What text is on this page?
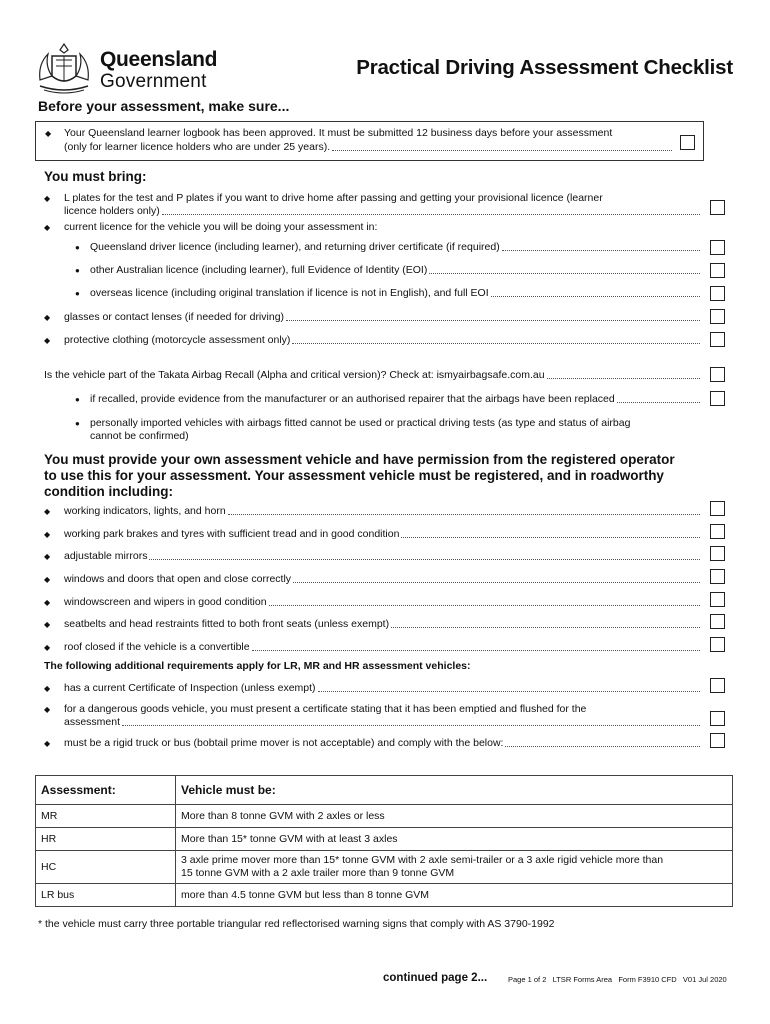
Queensland
Government
Practical Driving Assessment Checklist
Before your assessment, make sure...
◆ Your Queensland learner logbook has been approved. It must be submitted 12 business days before your assessment
(only for learner licence holders who are under 25 years).
You must bring:
◆ L plates for the test and P plates if you want to drive home after passing and getting your provisional licence (learner
licence holders only)
◆ current licence for the vehicle you will be doing your assessment in:
● Queensland driver licence (including learner), and returning driver certificate (if required)
● other Australian licence (including learner), full Evidence of Identity (EOI)
● overseas licence (including original translation if licence is not in English), and full EOI
◆ glasses or contact lenses (if needed for driving)
◆ protective clothing (motorcycle assessment only)
Is the vehicle part of the Takata Airbag Recall (Alpha and critical version)? Check at: ismyairbagsafe.com.au
● if recalled, provide evidence from the manufacturer or an authorised repairer that the airbags have been replaced
● personally imported vehicles with airbags fitted cannot be used or practical driving tests (as type and status of airbag
cannot be confirmed)
You must provide your own assessment vehicle and have permission from the registered operator
to use this for your assessment. Your assessment vehicle must be registered, and in roadworthy
condition including:
◆ working indicators, lights, and horn
◆ working park brakes and tyres with sufficient tread and in good condition
◆ adjustable mirrors
◆ windows and doors that open and close correctly
◆ windowscreen and wipers in good condition
◆ seatbelts and head restraints fitted to both front seats (unless exempt)
◆ roof closed if the vehicle is a convertible
The following additional requirements apply for LR, MR and HR assessment vehicles:
◆ has a current Certificate of Inspection (unless exempt)
◆ for a dangerous goods vehicle, you must present a certificate stating that it has been emptied and flushed for the
assessment
◆ must be a rigid truck or bus (bobtail prime mover is not acceptable) and comply with the below:
Assessment:	Vehicle must be:
MR	More than 8 tonne GVM with 2 axles or less
HR	More than 15* tonne GVM with at least 3 axles
HC	3 axle prime mover more than 15* tonne GVM with 2 axle semi-trailer or a 3 axle rigid vehicle more than
15 tonne GVM with a 2 axle trailer more than 9 tonne GVM

LR bus	more than 4.5 tonne GVM but less than 8 tonne GVM
* the vehicle must carry three portable triangular red reflectorised warning signs that comply with AS 3790-1992
continued page 2...	Page 1 of 2   LTSR Forms Area   Form F3910 CFD   V01 Jul 2020
